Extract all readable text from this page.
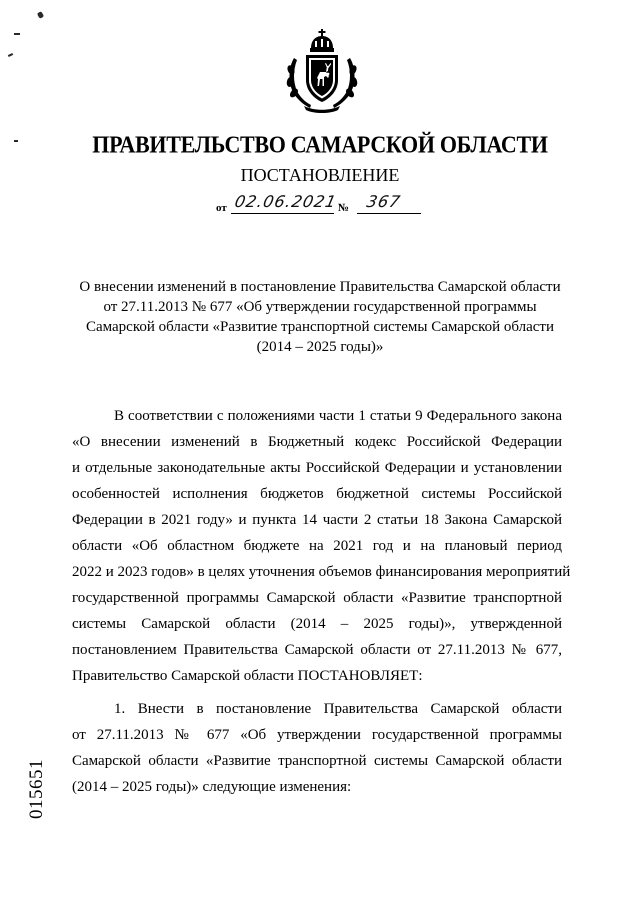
ПРАВИТЕЛЬСТВО САМАРСКОЙ ОБЛАСТИ
ПОСТАНОВЛЕНИЕ
от 02.06.2021 № 367
О внесении изменений в постановление Правительства Самарской области
от 27.11.2013 № 677 «Об утверждении государственной программы
Самарской области «Развитие транспортной системы Самарской области
(2014 – 2025 годы)»
В соответствии с положениями части 1 статьи 9 Федерального закона
«О внесении изменений в Бюджетный кодекс Российской Федерации
и отдельные законодательные акты Российской Федерации и установлении
особенностей исполнения бюджетов бюджетной системы Российской
Федерации в 2021 году» и пункта 14 части 2 статьи 18 Закона Самарской
области «Об областном бюджете на 2021 год и на плановый период
2022 и 2023 годов» в целях уточнения объемов финансирования мероприятий
государственной программы Самарской области «Развитие транспортной
системы Самарской области (2014 – 2025 годы)», утвержденной
постановлением Правительства Самарской области от 27.11.2013 № 677,
Правительство Самарской области ПОСТАНОВЛЯЕТ:
1. Внести в постановление Правительства Самарской области
от 27.11.2013 № 677 «Об утверждении государственной программы
Самарской области «Развитие транспортной системы Самарской области
(2014 – 2025 годы)» следующие изменения:
015651
